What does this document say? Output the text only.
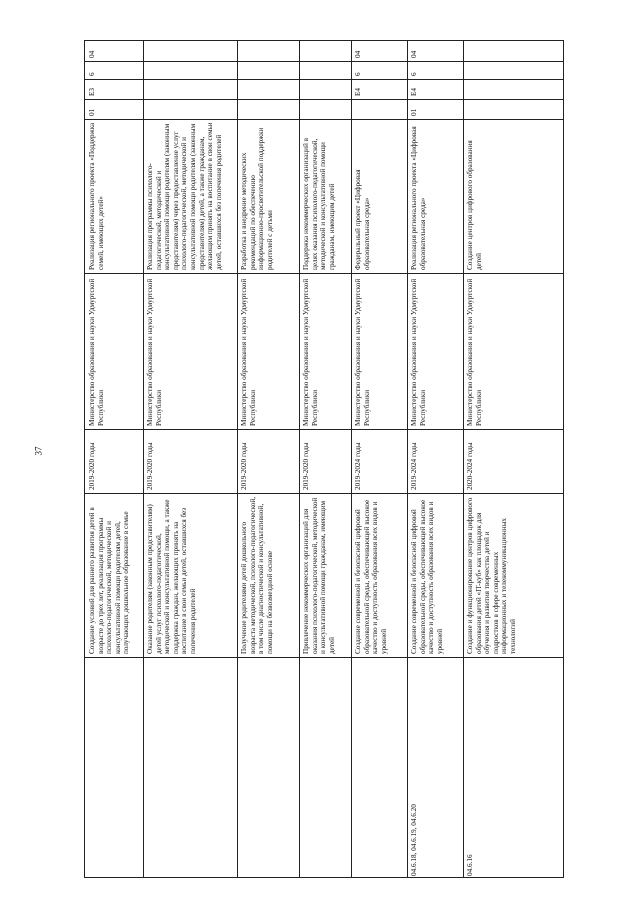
37
04
6
E3
01
Реализация регионального проекта «Поддержка семей, имеющих детей»
Министерство образования и науки Удмуртской Республики
2019-2020 годы
Создание условий для раннего развития детей в возрасте до трех лет, реализация программы психолого-педагогической, методической и консультативной помощи родителям детей, получающих дошкольное образование в семье
Реализация программы психолого-педагогической, методической и консультативной помощи родителям (законным представителям) через предоставление услуг психолого-педагогической, методической и консультативной помощи родителям (законным представителям) детей, а также гражданам, желающим принять на воспитание в свои семьи детей, оставшихся без попечения родителей
Министерство образования и науки Удмуртской Республики
2019-2020 годы
Оказание родителям (законным представителям) детей услуг психолого-педагогической, методической и консультативной помощи, а также поддержка граждан, желающих принять на воспитание в свои семьи детей, оставшихся без попечения родителей
Разработка и внедрение методических рекомендаций по обеспечению информационно-просветительской поддержки родителей с детьми
Министерство образования и науки Удмуртской Республики
2019-2020 годы
Получение родителями детей дошкольного возраста методической, психолого-педагогической, в том числе диагностической и консультативной, помощи на безвозмездной основе
Поддержка некоммерческих организаций в целях оказания психолого-педагогической, методической и консультативной помощи гражданам, имеющим детей
Министерство образования и науки Удмуртской Республики
2019-2020 годы
Привлечение некоммерческих организаций для оказания психолого-педагогической, методической и консультативной помощи гражданам, имеющим детей
04
6
E4
Федеральный проект «Цифровая образовательная среда»
Министерство образования и науки Удмуртской Республики
2019-2024 годы
Создание современной и безопасной цифровой образовательной среды, обеспечивающей высокое качество и доступность образования всех видов и уровней
04
6
E4
01
Реализация регионального проекта «Цифровая образовательная среда»
Министерство образования и науки Удмуртской Республики
2019-2024 годы
Создание современной и безопасной цифровой образовательной среды, обеспечивающей высокое качество и доступность образования всех видов и уровней
04.6.18, 04.6.19, 04.6.20
Создание центров цифрового образования детей
Министерство образования и науки Удмуртской Республики
2020-2024 годы
Создание и функционирование центров цифрового образования детей «IT-куб» как площадок для обучения и развития творчества детей и подростков в сфере современных информационных и телекоммуникационных технологий
04.6.16
